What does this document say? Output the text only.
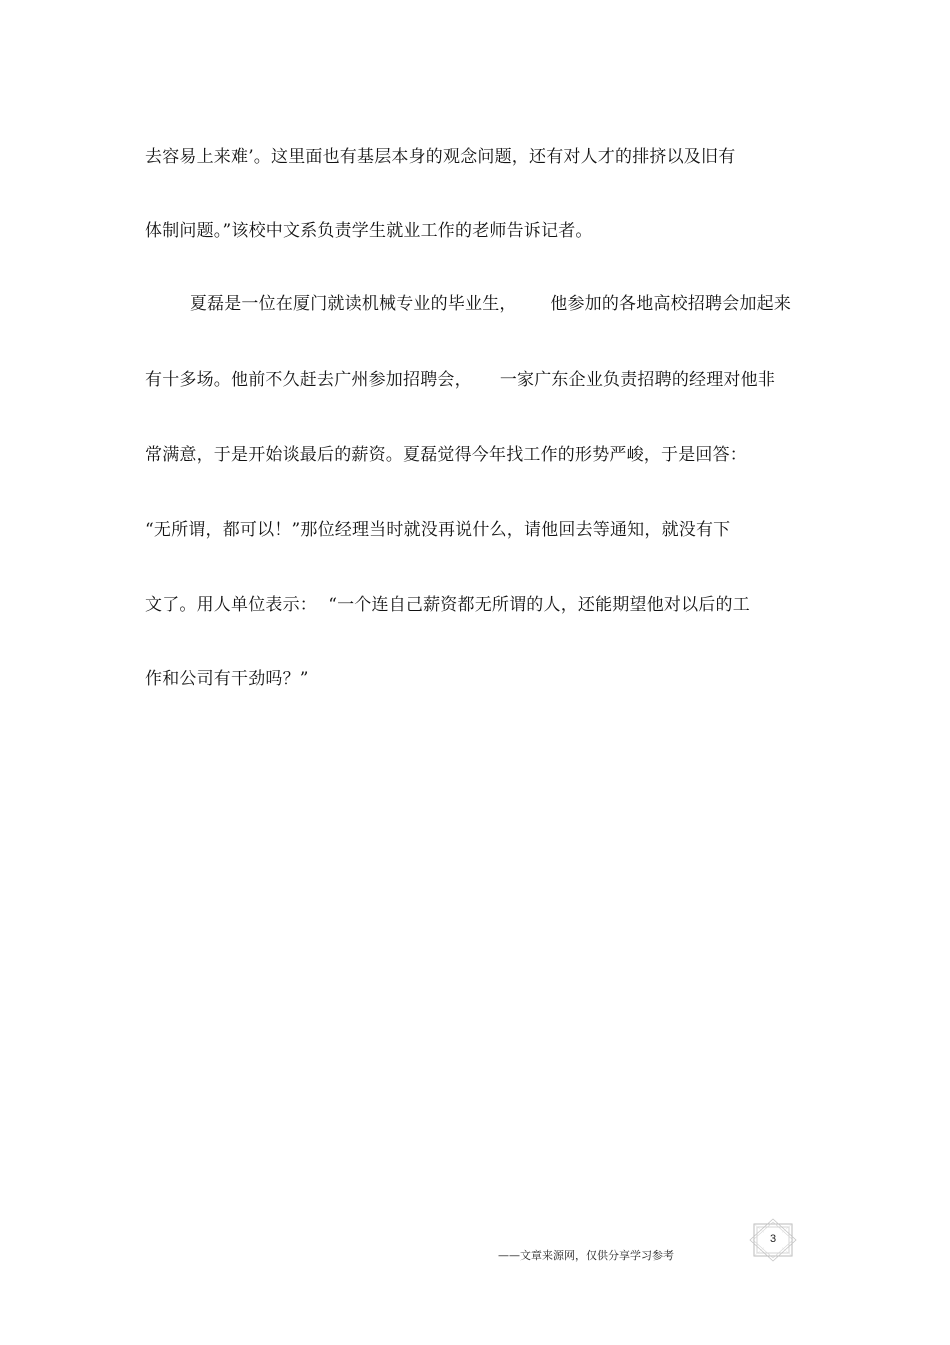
去容易上来难’。这里面也有基层本身的观念问题，还有对人才的排挤以及旧有
体制问题。”该校中文系负责学生就业工作的老师告诉记者。
夏磊是一位在厦门就读机械专业的毕业生，      他参加的各地高校招聘会加起来
有十多场。他前不久赶去广州参加招聘会，     一家广东企业负责招聘的经理对他非
常满意，于是开始谈最后的薪资。夏磊觉得今年找工作的形势严峻，于是回答：
“无所谓，都可以！”那位经理当时就没再说什么，请他回去等通知，就没有下
文了。用人单位表示：  “一个连自己薪资都无所谓的人，还能期望他对以后的工
作和公司有干劲吗？”
——文章来源网，仅供分享学习参考
3
